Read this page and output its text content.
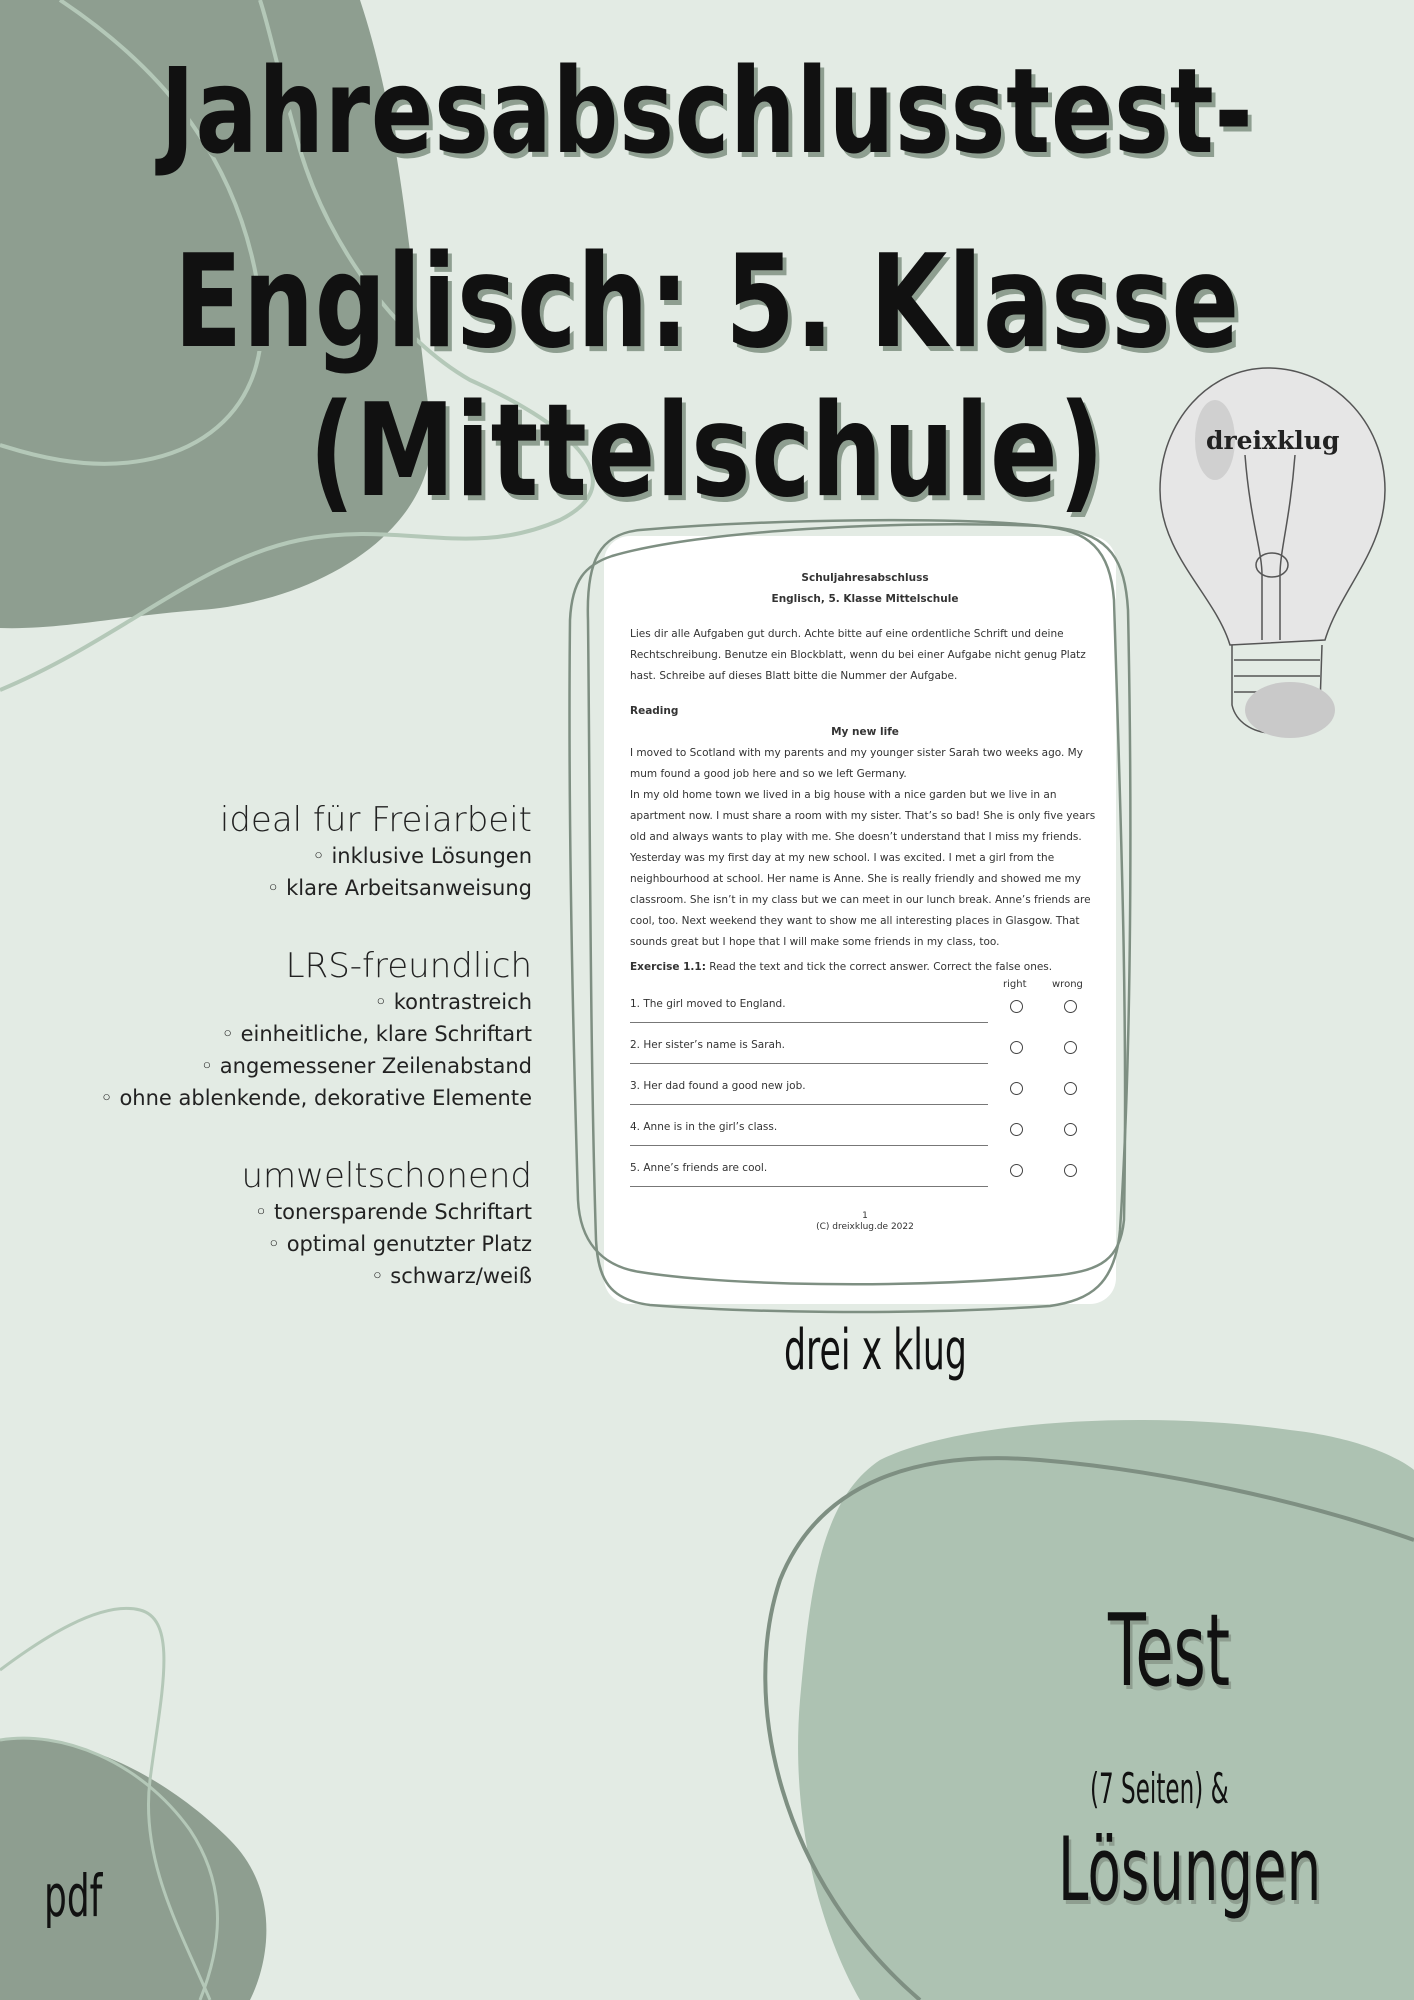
dreixklug
Jahresabschlusstest-
Englisch: 5. Klasse (Mittelschule)
ideal für Freiarbeit
◦ inklusive Lösungen
◦ klare Arbeitsanweisung
LRS-freundlich
◦ kontrastreich
◦ einheitliche, klare Schriftart
◦ angemessener Zeilenabstand
◦ ohne ablenkende, dekorative Elemente
umweltschonend
◦ tonersparende Schriftart
◦ optimal genutzter Platz
◦ schwarz/weiß
Schuljahresabschluss
Englisch, 5. Klasse Mittelschule

Lies dir alle Aufgaben gut durch. Achte bitte auf eine ordentliche Schrift und deine Rechtschreibung. Benutze ein Blockblatt, wenn du bei einer Aufgabe nicht genug Platz hast. Schreibe auf dieses Blatt bitte die Nummer der Aufgabe.

Reading

My new life

I moved to Scotland with my parents and my younger sister Sarah two weeks ago. My mum found a good job here and so we left Germany.

In my old home town we lived in a big house with a nice garden but we live in an apartment now. I must share a room with my sister. That’s so bad! She is only five years old and always wants to play with me. She doesn’t understand that I miss my friends.

Yesterday was my first day at my new school. I was excited. I met a girl from the neighbourhood at school. Her name is Anne. She is really friendly and showed me my classroom. She isn’t in my class but we can meet in our lunch break. Anne’s friends are cool, too. Next weekend they want to show me all interesting places in Glasgow. That sounds great but I hope that I will make some friends in my class, too.

Exercise 1.1: Read the text and tick the correct answer. Correct the false ones.

right	wrong
1. The girl moved to England.
2. Her sister’s name is Sarah.
3. Her dad found a good new job.
4. Anne is in the girl’s class.
5. Anne’s friends are cool.
1
(C) dreixklug.de 2022
drei x klug
Test
(7 Seiten) &
Lösungen
pdf
